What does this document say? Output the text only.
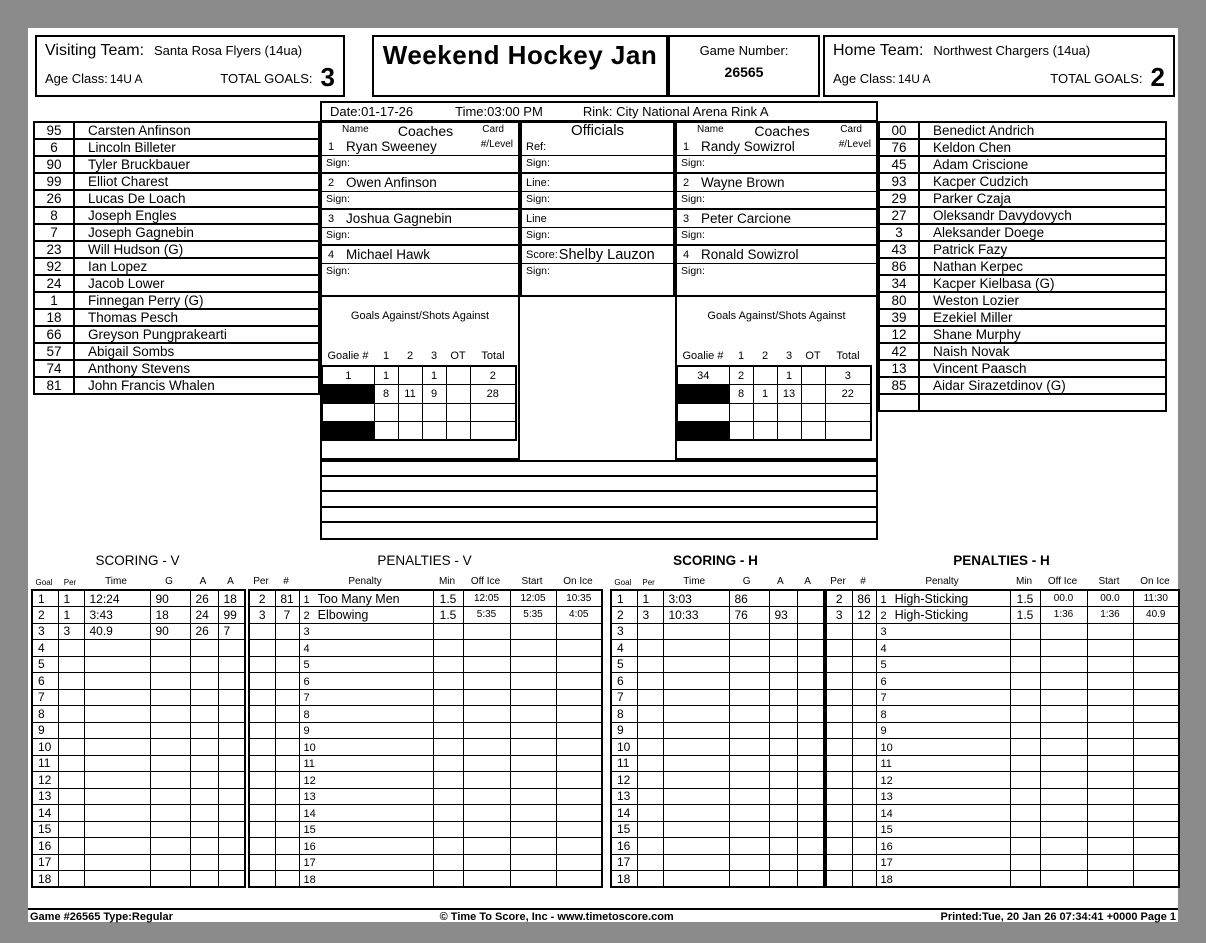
Visiting Team: Santa Rosa Flyers (14ua)
Age Class: 14U A	TOTAL GOALS: 3
Weekend Hockey Jan	Game Number:
26565
Home Team: Northwest Chargers (14ua)
Age Class: 14U A	TOTAL GOALS: 2
Date:01-17-26	Time:03:00 PM	Rink: City National Arena Rink A
95	Carsten Anfinson
6	Lincoln Billeter
90	Tyler Bruckbauer
99	Elliot Charest
26	Lucas De Loach
8	Joseph Engles
7	Joseph Gagnebin
23	Will Hudson (G)
92	Ian Lopez
24	Jacob Lower
1	Finnegan Perry (G)
18	Thomas Pesch
66	Greyson Pungprakearti
57	Abigail Sombs
74	Anthony Stevens
81	John Francis Whalen
00	Benedict Andrich
76	Keldon Chen
45	Adam Criscione
93	Kacper Cudzich
29	Parker Czaja
27	Oleksandr Davydovych
3	Aleksander Doege
43	Patrick Fazy
86	Nathan Kerpec
34	Kacper Kielbasa (G)
80	Weston Lozier
39	Ezekiel Miller
12	Shane Murphy
42	Naish Novak
13	Vincent Paasch
85	Aidar Sirazetdinov (G)

Name Coaches	Card
1 Ryan Sweeney	#/Level
Sign:
2 Owen Anfinson
Sign:
3 Joshua Gagnebin
Sign:
4 Michael Hawk
Sign:
Officials
Ref:
Sign:
Line:
Sign:
Line
Sign:
Score: Shelby Lauzon
Sign:
Name Coaches	Card
1 Randy Sowizrol	#/Level
Sign:
2 Wayne Brown
Sign:
3 Peter Carcione
Sign:
4 Ronald Sowizrol
Sign:
Goals Against/Shots Against
Goalie #	1	2	3	OT	Total
1	1		1		2
	8	11	9		28

Goals Against/Shots Against
Goalie #	1	2	3	OT	Total
34	2		1		3
	8	1	13		22

SCORING - V
Goal	Per	Time	G	A	A
1	1	12:24	90	26	18
2	1	3:43	18	24	99
3	3	40.9	90	26	7
4					
5					
6					
7					
8					
9					
10					
11					
12					
13					
14					
15					
16					
17					
18					
PENALTIES - V
Per	#	Penalty	Min	Off Ice	Start	On Ice
2	81	1 Too Many Men	1.5	12:05	12:05	10:35
3	7	2 Elbowing	1.5	5:35	5:35	4:05
		3				
		4				
		5				
		6				
		7				
		8				
		9				
		10				
		11				
		12				
		13				
		14				
		15				
		16				
		17				
		18				
SCORING - H
Goal	Per	Time	G	A	A
1	1	3:03	86		
2	3	10:33	76	93	
3					
4					
5					
6					
7					
8					
9					
10					
11					
12					
13					
14					
15					
16					
17					
18					
PENALTIES - H
Per	#	Penalty	Min	Off Ice	Start	On Ice
2	86	1 High-Sticking	1.5	00.0	00.0	11:30
3	12	2 High-Sticking	1.5	1:36	1:36	40.9
		3				
		4				
		5				
		6				
		7				
		8				
		9				
		10				
		11				
		12				
		13				
		14				
		15				
		16				
		17				
		18				
Game #26565 Type:Regular	© Time To Score, Inc - www.timetoscore.com	Printed:Tue, 20 Jan 26 07:34:41 +0000 Page 1
